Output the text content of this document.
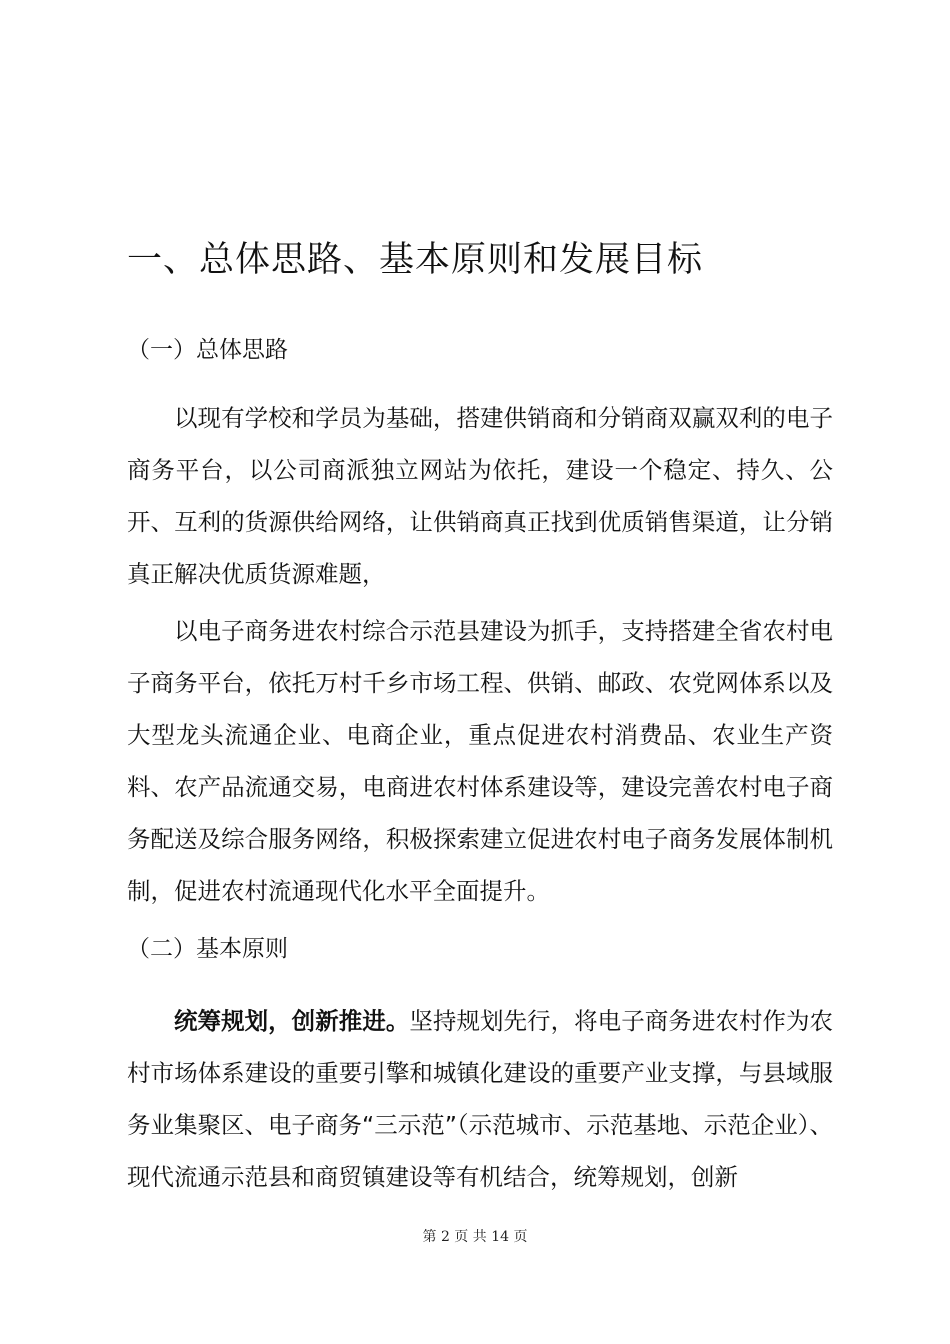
一、总体思路、基本原则和发展目标
（一）总体思路

以现有学校和学员为基础，搭建供销商和分销商双赢双利的电子商务平台，以公司商派独立网站为依托，建设一个稳定、持久、公开、互利的货源供给网络，让供销商真正找到优质销售渠道，让分销真正解决优质货源难题，

以电子商务进农村综合示范县建设为抓手，支持搭建全省农村电子商务平台，依托万村千乡市场工程、供销、邮政、农党网体系以及大型龙头流通企业、电商企业，重点促进农村消费品、农业生产资料、农产品流通交易，电商进农村体系建设等，建设完善农村电子商务配送及综合服务网络，积极探索建立促进农村电子商务发展体制机制，促进农村流通现代化水平全面提升。

（二）基本原则

统筹规划，创新推进。坚持规划先行，将电子商务进农村作为农村市场体系建设的重要引擎和城镇化建设的重要产业支撑，与县域服务业集聚区、电子商务“三示范”（示范城市、示范基地、示范企业）、现代流通示范县和商贸镇建设等有机结合，统筹规划，创新

第 2 页 共 14 页
